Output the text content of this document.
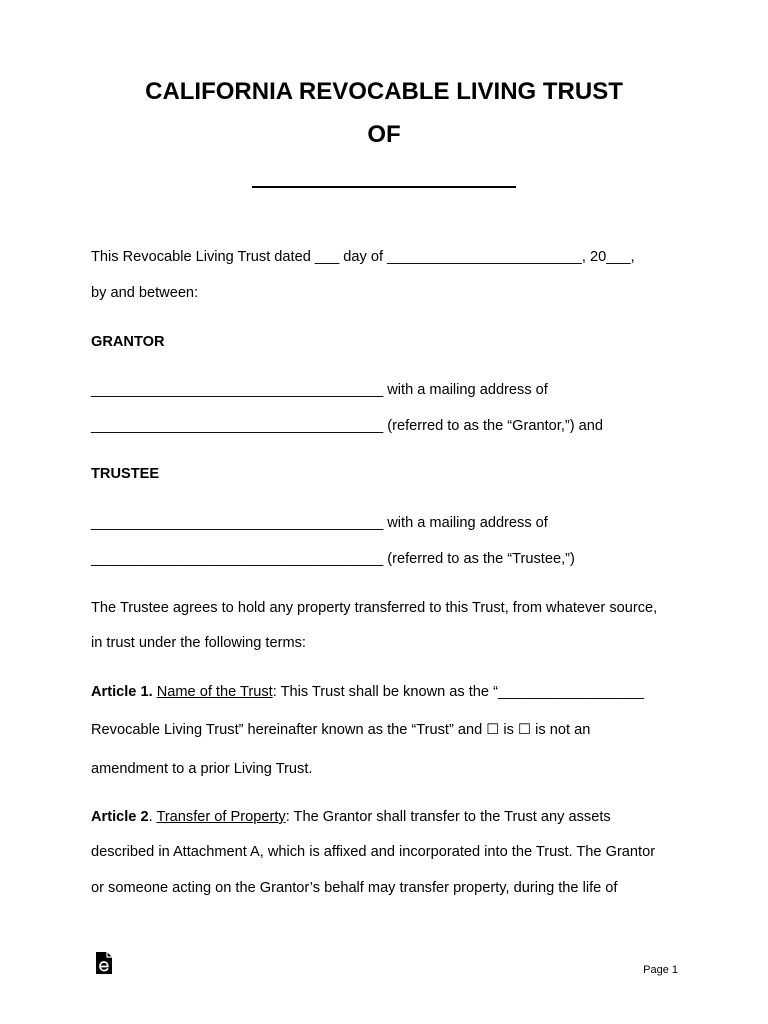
CALIFORNIA REVOCABLE LIVING TRUST
OF
This Revocable Living Trust dated ___ day of ________________________, 20___,
by and between:
GRANTOR
____________________________________ with a mailing address of
____________________________________ (referred to as the “Grantor,”) and
TRUSTEE
____________________________________ with a mailing address of
____________________________________ (referred to as the “Trustee,”)
The Trustee agrees to hold any property transferred to this Trust, from whatever source,
in trust under the following terms:
Article 1. Name of the Trust: This Trust shall be known as the “__________________
Revocable Living Trust” hereinafter known as the “Trust” and ☐ is ☐ is not an
amendment to a prior Living Trust.
Article 2. Transfer of Property: The Grantor shall transfer to the Trust any assets
described in Attachment A, which is affixed and incorporated into the Trust. The Grantor
or someone acting on the Grantor’s behalf may transfer property, during the life of
Page 1
